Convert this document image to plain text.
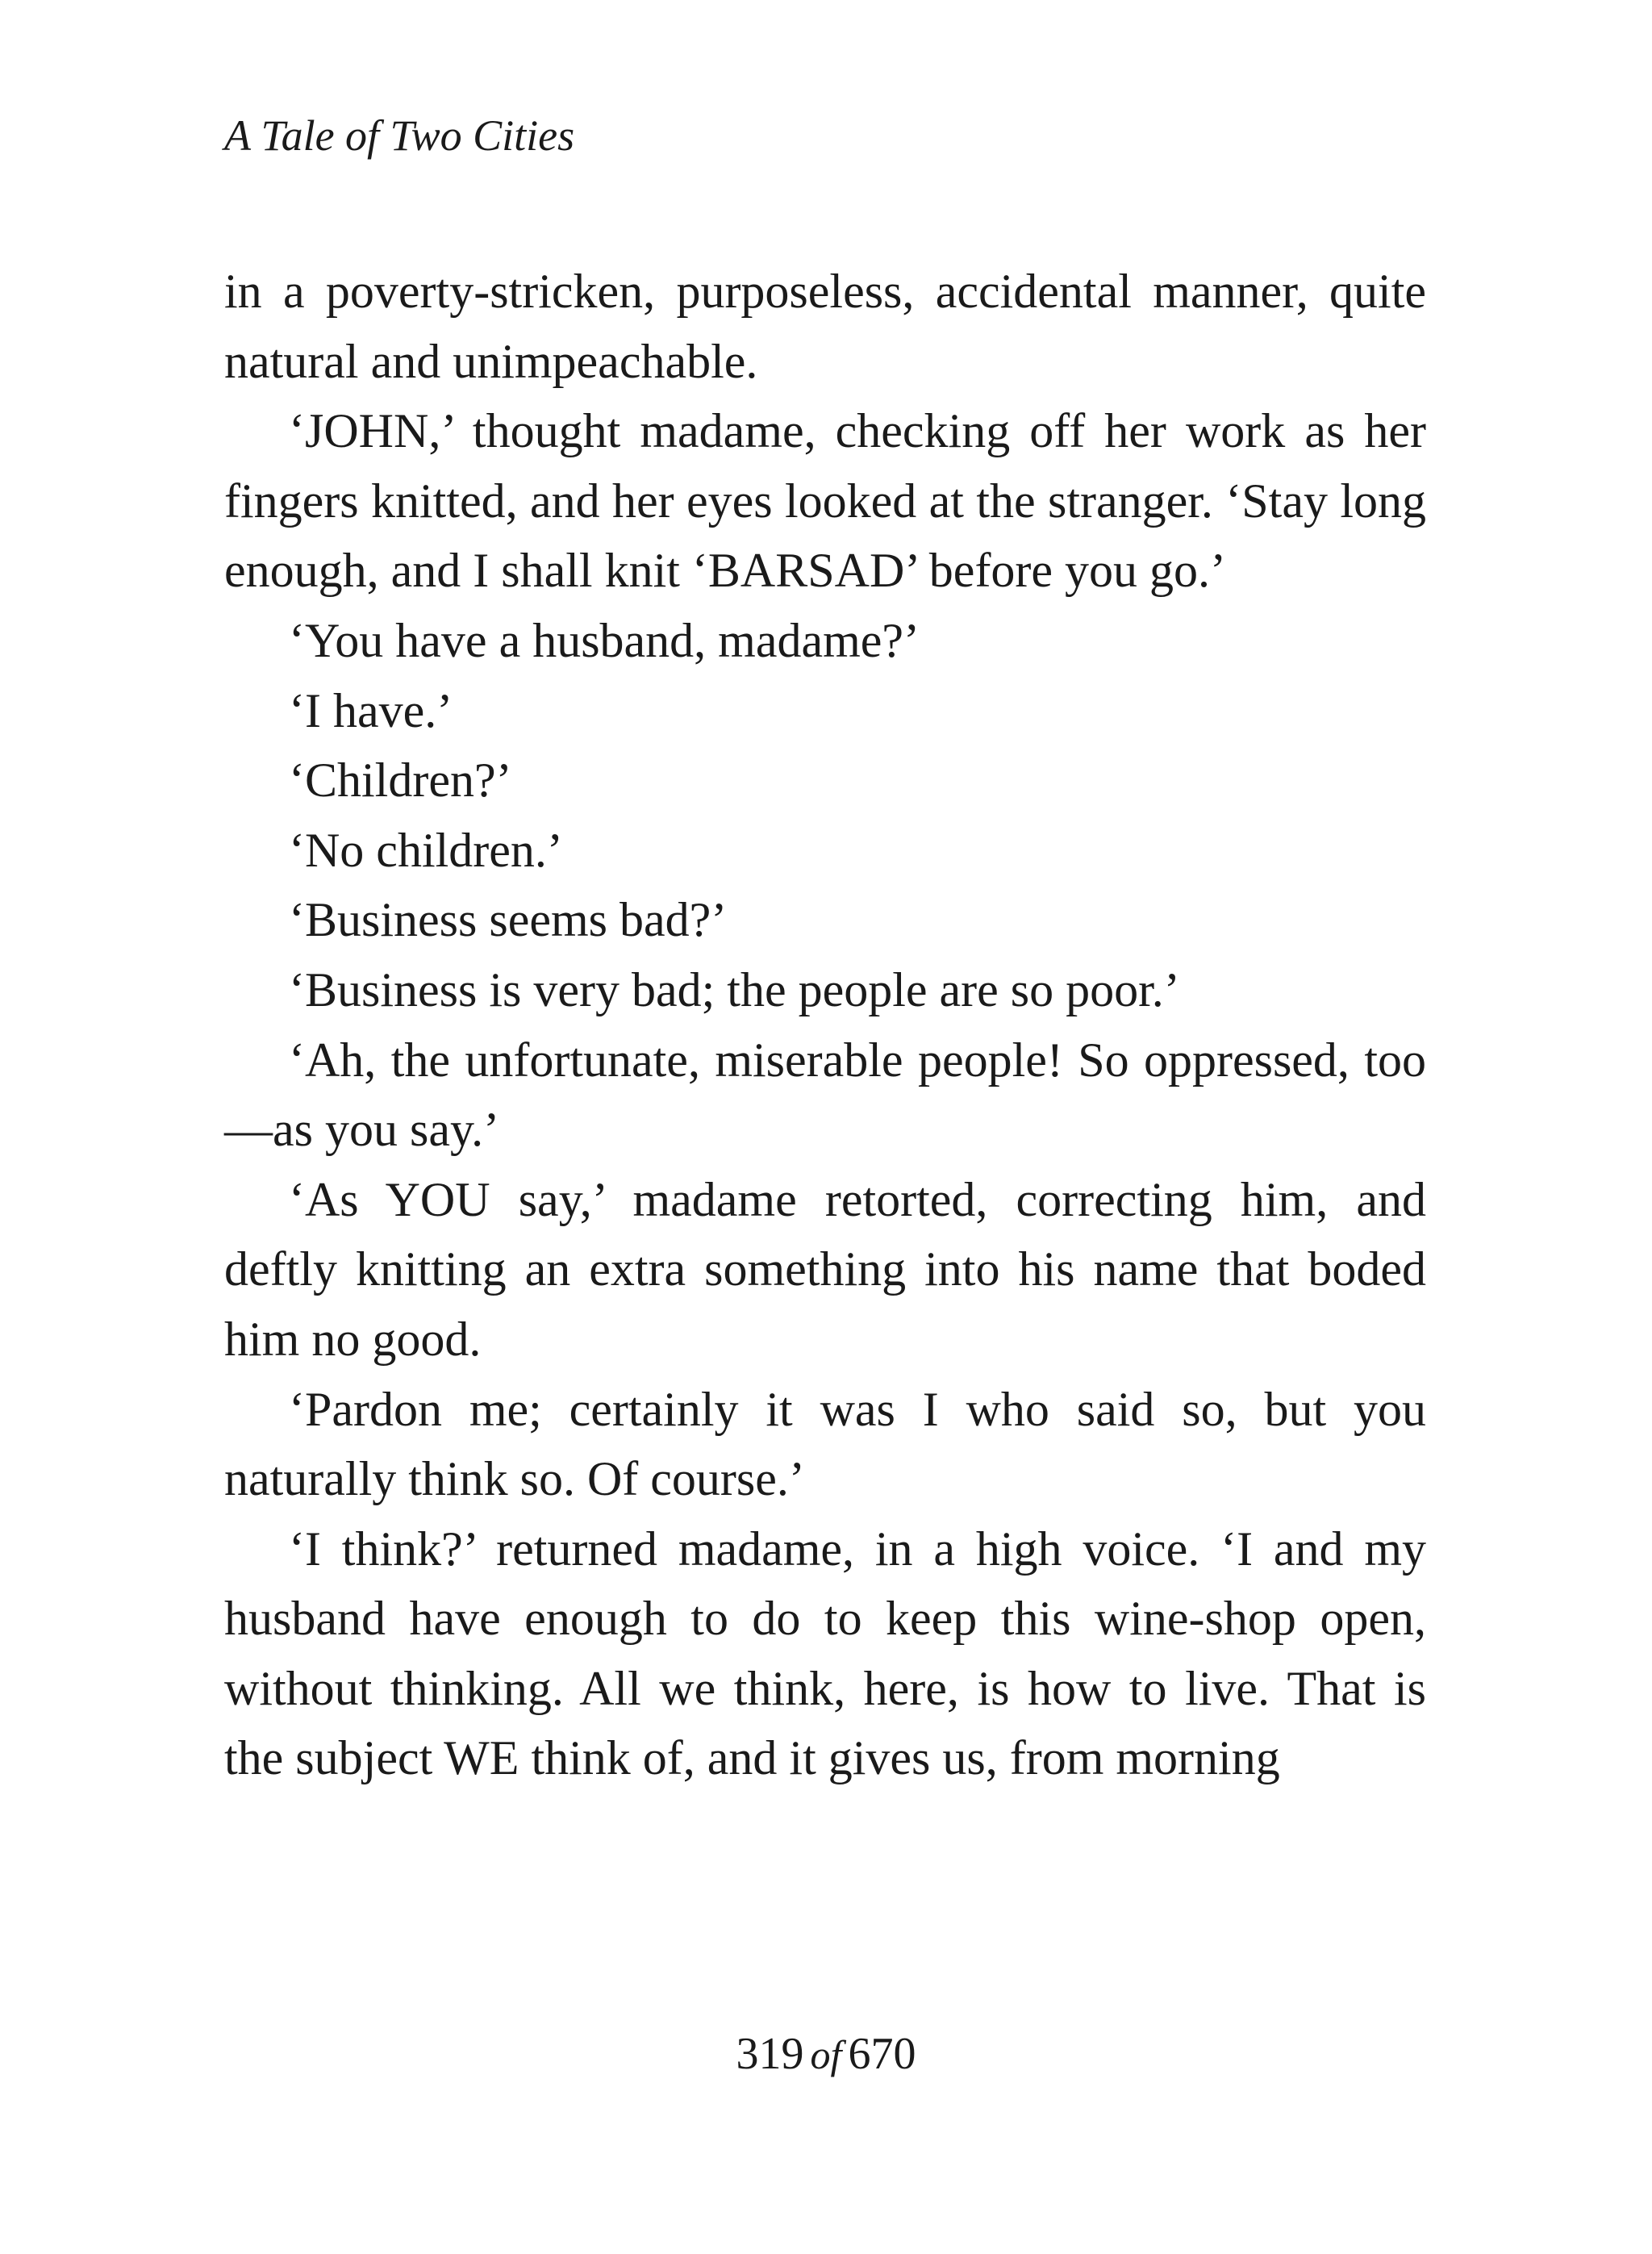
A Tale of Two Cities

in a poverty-stricken, purposeless, accidental manner, quite natural and unimpeachable.

‘JOHN,’ thought madame, checking off her work as her fingers knitted, and her eyes looked at the stranger. ‘Stay long enough, and I shall knit ‘BARSAD’ before you go.’

‘You have a husband, madame?’

‘I have.’

‘Children?’

‘No children.’

‘Business seems bad?’

‘Business is very bad; the people are so poor.’

‘Ah, the unfortunate, miserable people! So oppressed, too—as you say.’

‘As YOU say,’ madame retorted, correcting him, and deftly knitting an extra something into his name that boded him no good.

‘Pardon me; certainly it was I who said so, but you naturally think so. Of course.’

‘I think?’ returned madame, in a high voice. ‘I and my husband have enough to do to keep this wine-shop open, without thinking. All we think, here, is how to live. That is the subject WE think of, and it gives us, from morning

319 of 670
